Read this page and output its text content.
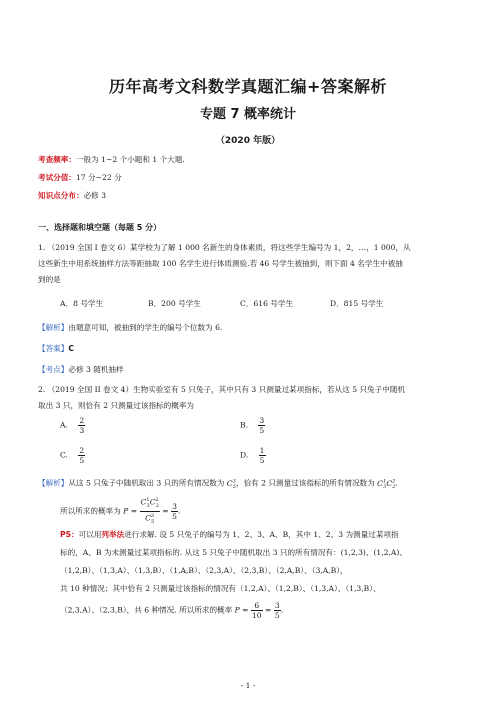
历年高考文科数学真题汇编+答案解析
专题 7 概率统计
（2020 年版）
考查频率：一般为 1~2 个小题和 1 个大题.
考试分值：17 分~22 分
知识点分布：必修 3
一、选择题和填空题（每题 5 分）
1. （2019 全国 I 卷文 6）某学校为了解 1 000 名新生的身体素质，将这些学生编号为 1，2，…，1 000，从
这些新生中用系统抽样方法等距抽取 100 名学生进行体质测验.若 46 号学生被抽到，则下面 4 名学生中被抽
到的是
A．8 号学生	B．200 号学生	C．616 号学生	D．815 号学生
【解析】由题意可知，被抽到的学生的编号个位数为 6.
【答案】C
【考点】必修 3 随机抽样
2. （2019 全国 II 卷文 4）生物实验室有 5 只兔子，其中只有 3 只测量过某项指标，若从这 5 只兔子中随机
取出 3 只，则恰有 2 只测量过该指标的概率为
A. $\frac{2}{3}$	B. $\frac{3}{5}$
C. $\frac{2}{5}$	D. $\frac{1}{5}$
【解析】从这 5 只兔子中随机取出 3 只的所有情况数为 $C^3_5$，恰有 2 只测量过该指标的所有情况数为 $C^1_3C^2_2$.
所以所求的概率为 $P = \frac{C^1_3C^2_2}{C^3_5} = \frac{3}{5}$ .
PS：可以用列举法进行求解. 设 5 只兔子的编号为 1、2、3、A、B，其中 1、2、3 为测量过某项指
标的，A、B 为未测量过某项指标的. 从这 5 只兔子中随机取出 3 只的所有情况有：(1,2,3)、(1,2,A)、
（1,2,B）、（1,3,A）、（1,3,B）、（1,A,B）、（2,3,A）、（2,3,B）、（2,A,B）、（3,A,B），
共 10 种情况；其中恰有 2 只测量过该指标的情况有（1,2,A）、（1,2,B）、（1,3,A）、（1,3,B）、
（2,3,A）、（2,3,B），共 6 种情况. 所以所求的概率 $P = \frac{6}{10} = \frac{3}{5}$ .
- 1 -
